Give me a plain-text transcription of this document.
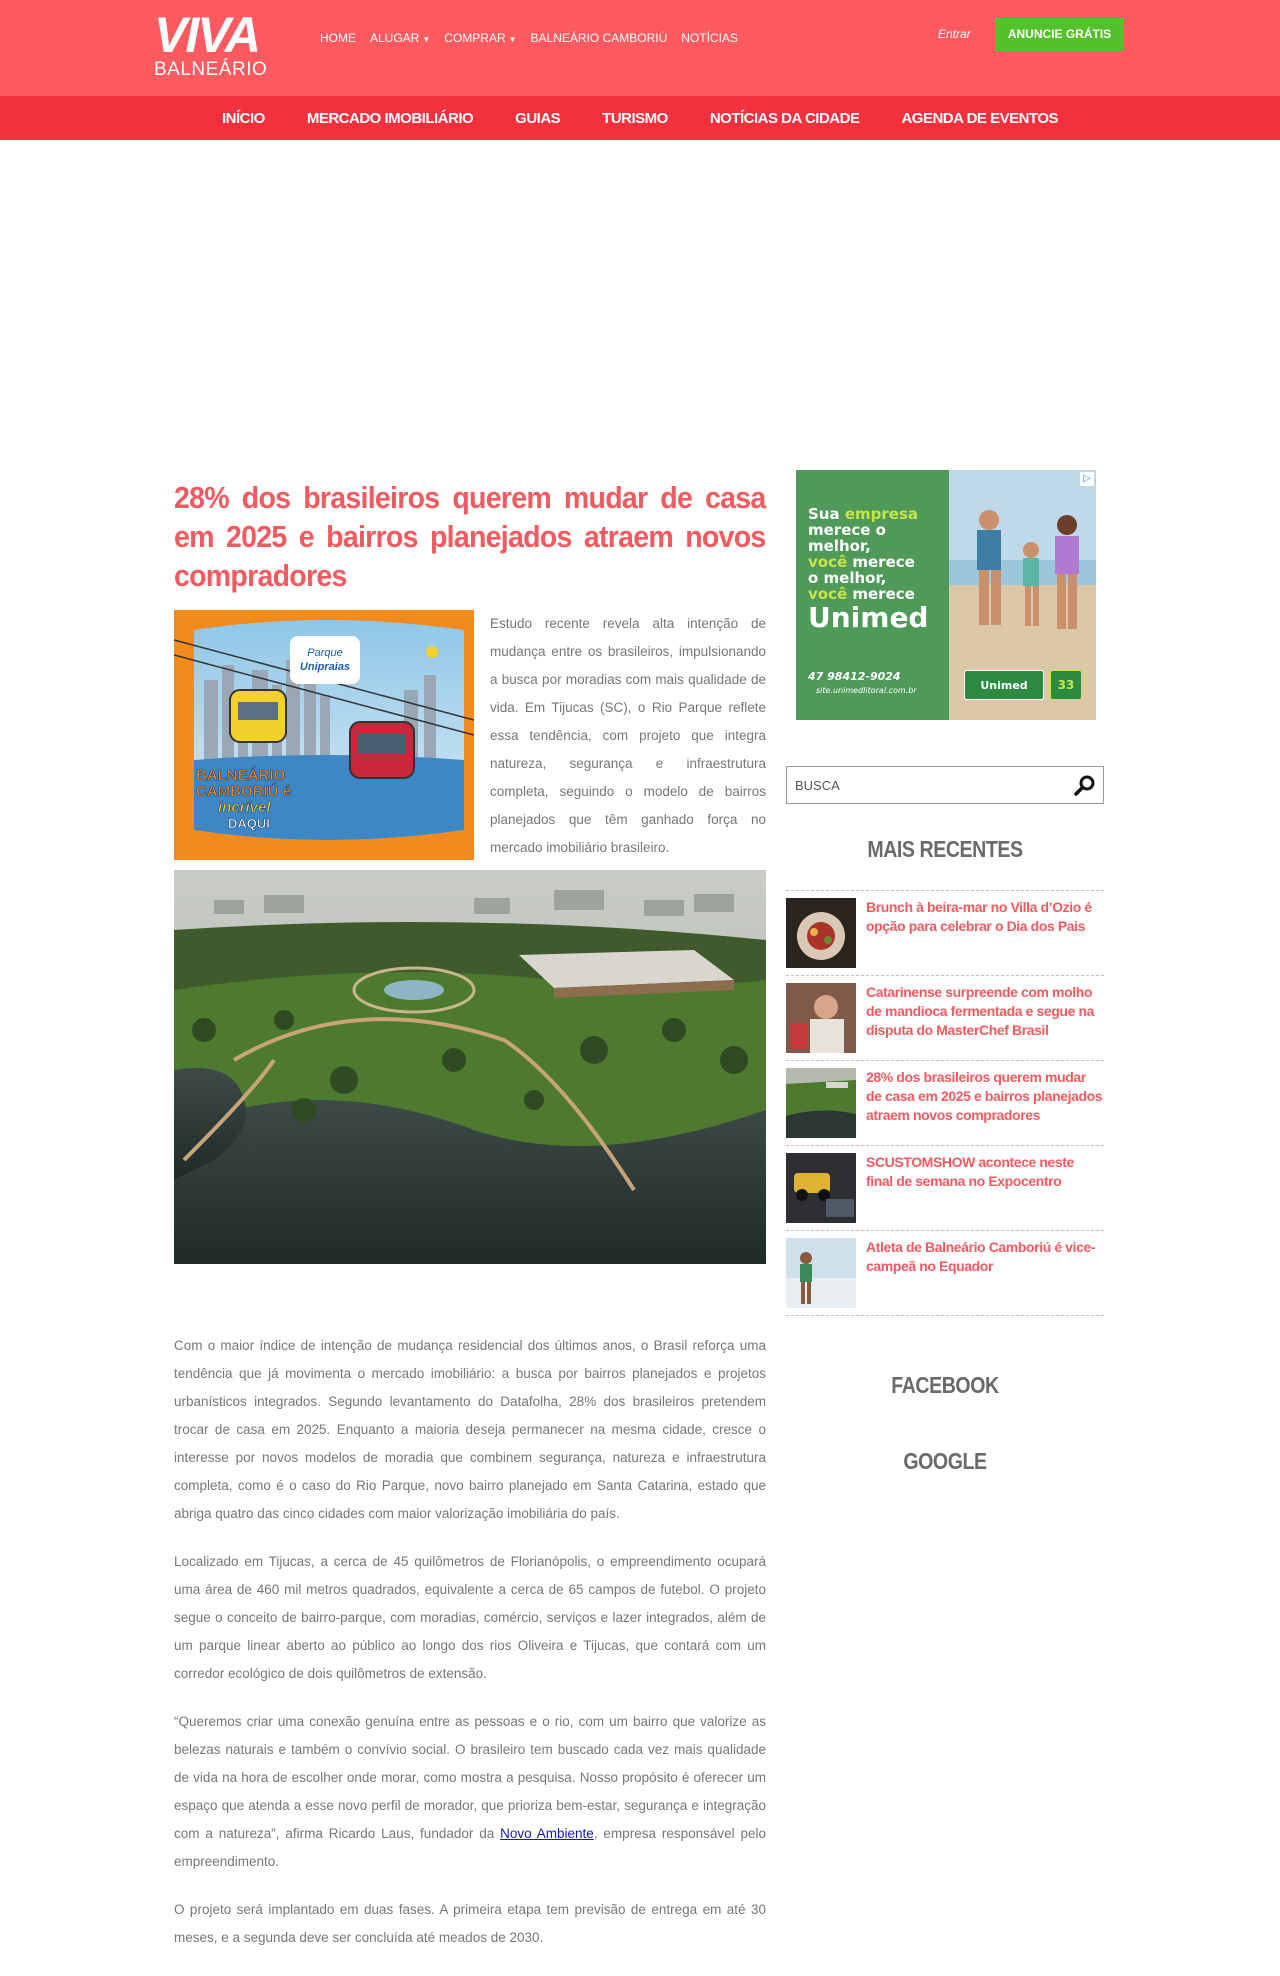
VIVA
BALNEÁRIO
HOME ALUGAR ▼ COMPRAR ▼ BALNEÁRIO CAMBORIÚ NOTÍCIAS	Entrar	ANUNCIE GRÁTIS
INÍCIO	MERCADO IMOBILIÁRIO	GUIAS	TURISMO	NOTÍCIAS DA CIDADE	AGENDA DE EVENTOS
28% dos brasileiros querem mudar de casa em 2025 e bairros planejados atraem novos compradores
Parque
Unipraias
BALNEÁRIO
CAMBORIÚ é
incrível
DAQUI

Estudo recente revela alta intenção de mudança entre os brasileiros, impulsionando a busca por moradias com mais qualidade de vida. Em Tijucas (SC), o Rio Parque reflete essa tendência, com projeto que integra natureza, segurança e infraestrutura completa, seguindo o modelo de bairros planejados que têm ganhado força no mercado imobiliário brasileiro.

Com o maior índice de intenção de mudança residencial dos últimos anos, o Brasil reforça uma tendência que já movimenta o mercado imobiliário: a busca por bairros planejados e projetos urbanísticos integrados. Segundo levantamento do Datafolha, 28% dos brasileiros pretendem trocar de casa em 2025. Enquanto a maioria deseja permanecer na mesma cidade, cresce o interesse por novos modelos de moradia que combinem segurança, natureza e infraestrutura completa, como é o caso do Rio Parque, novo bairro planejado em Santa Catarina, estado que abriga quatro das cinco cidades com maior valorização imobiliária do país.

Localizado em Tijucas, a cerca de 45 quilômetros de Florianópolis, o empreendimento ocupará uma área de 460 mil metros quadrados, equivalente a cerca de 65 campos de futebol. O projeto segue o conceito de bairro-parque, com moradias, comércio, serviços e lazer integrados, além de um parque linear aberto ao público ao longo dos rios Oliveira e Tijucas, que contará com um corredor ecológico de dois quilômetros de extensão.

“Queremos criar uma conexão genuína entre as pessoas e o rio, com um bairro que valorize as belezas naturais e também o convívio social. O brasileiro tem buscado cada vez mais qualidade de vida na hora de escolher onde morar, como mostra a pesquisa. Nosso propósito é oferecer um espaço que atenda a esse novo perfil de morador, que prioriza bem-estar, segurança e integração com a natureza”, afirma Ricardo Laus, fundador da Novo Ambiente, empresa responsável pelo empreendimento.

O projeto será implantado em duas fases. A primeira etapa tem previsão de entrega em até 30 meses, e a segunda deve ser concluída até meados de 2030.

Sua empresa
merece o melhor,
você merece
o melhor,
você merece

Unimed
47 98412-9024
site.unimedlitoral.com.br	Unimed	33
▷
BUSCA
MAIS RECENTES
Brunch à beira-mar no Villa d’Ozio é opção para celebrar o Dia dos Pais
Catarinense surpreende com molho de mandioca fermentada e segue na disputa do MasterChef Brasil
28% dos brasileiros querem mudar de casa em 2025 e bairros planejados atraem novos compradores
SCUSTOMSHOW acontece neste final de semana no Expocentro
Atleta de Balneário Camboriú é vice-campeã no Equador
FACEBOOK
GOOGLE
